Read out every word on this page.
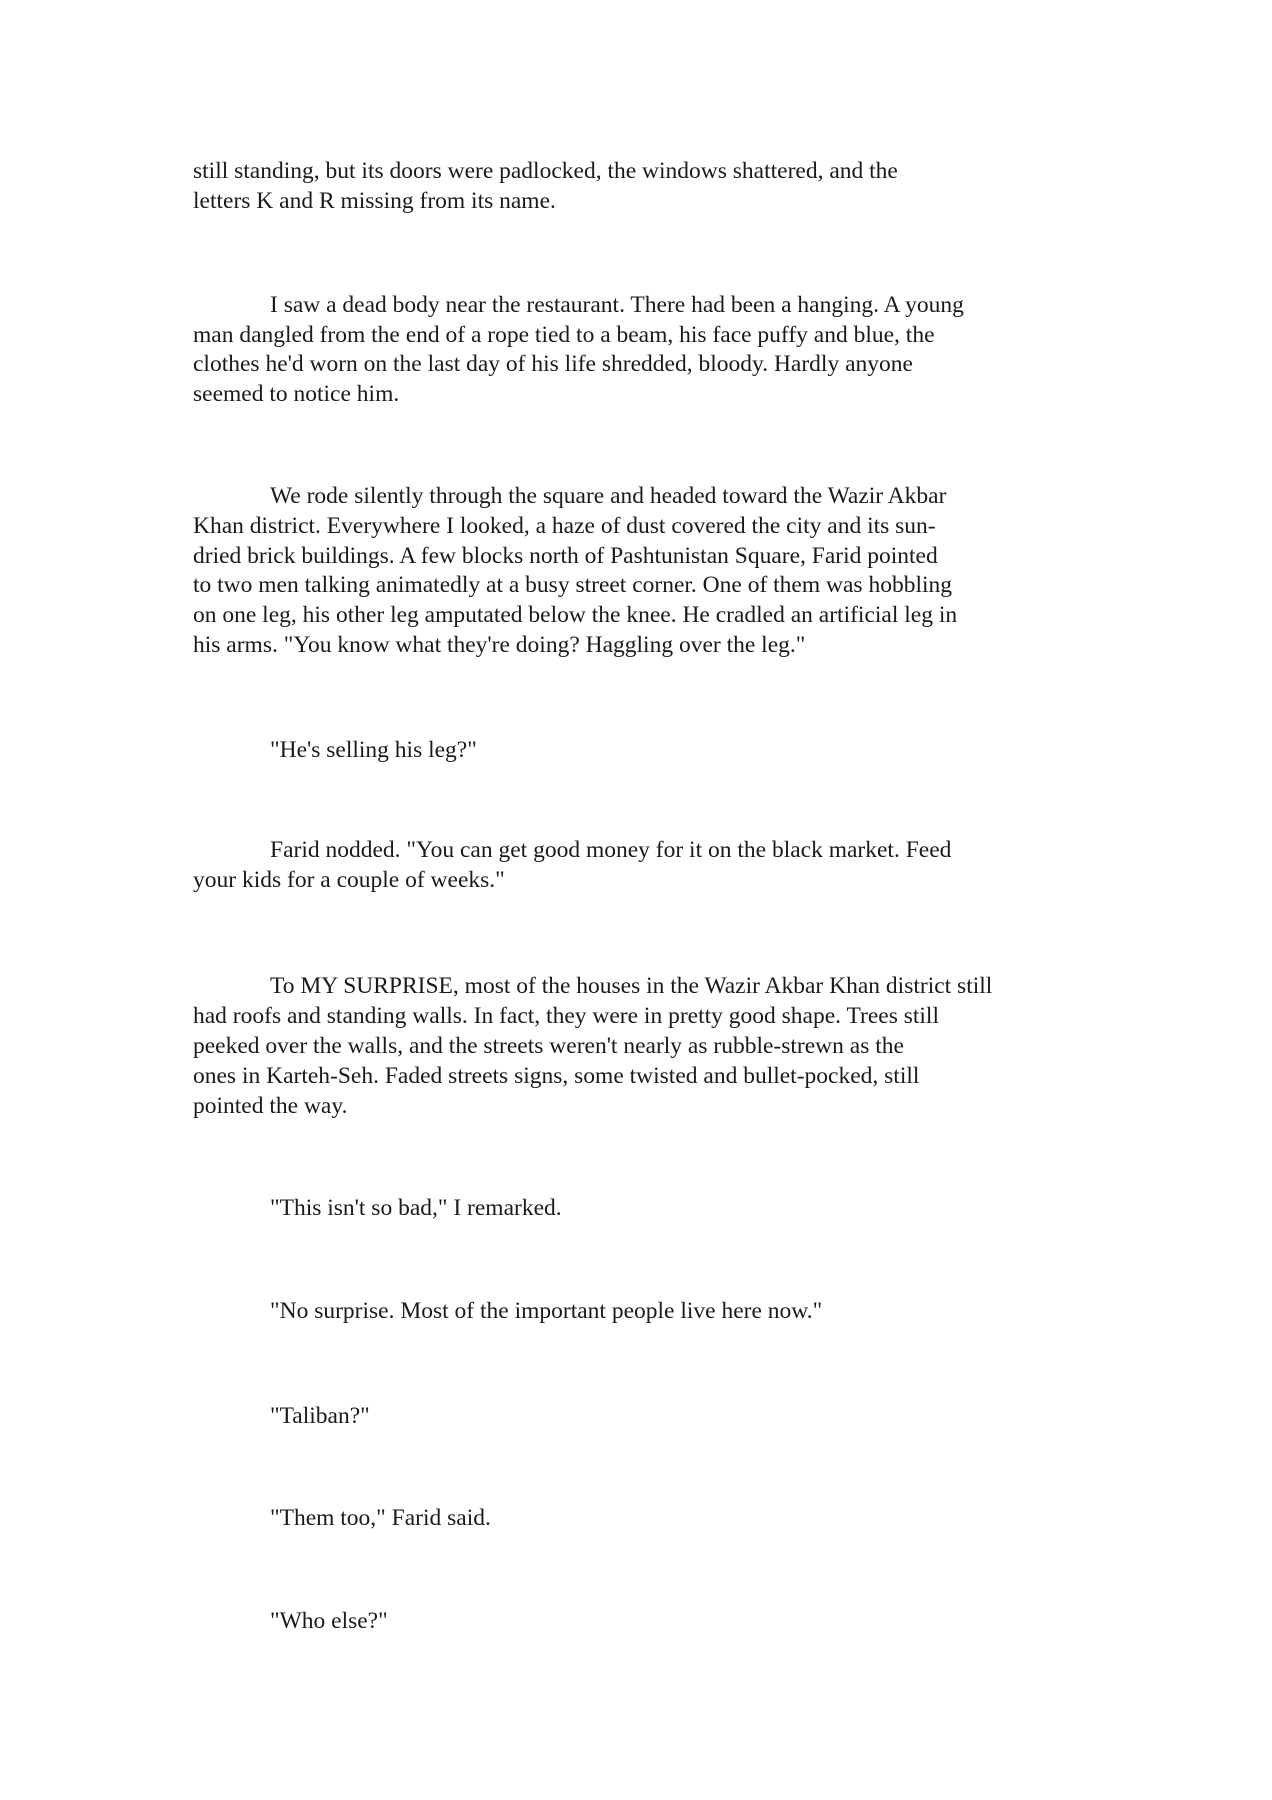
still standing, but its doors were padlocked, the windows shattered, and the
letters K and R missing from its name.
I saw a dead body near the restaurant. There had been a hanging. A young
man dangled from the end of a rope tied to a beam, his face puffy and blue, the
clothes he'd worn on the last day of his life shredded, bloody. Hardly anyone
seemed to notice him.
We rode silently through the square and headed toward the Wazir Akbar
Khan district. Everywhere I looked, a haze of dust covered the city and its sun-
dried brick buildings. A few blocks north of Pashtunistan Square, Farid pointed
to two men talking animatedly at a busy street corner. One of them was hobbling
on one leg, his other leg amputated below the knee. He cradled an artificial leg in
his arms. "You know what they're doing? Haggling over the leg."
"He's selling his leg?"
Farid nodded. "You can get good money for it on the black market. Feed
your kids for a couple of weeks."
To MY SURPRISE, most of the houses in the Wazir Akbar Khan district still
had roofs and standing walls. In fact, they were in pretty good shape. Trees still
peeked over the walls, and the streets weren't nearly as rubble-strewn as the
ones in Karteh-Seh. Faded streets signs, some twisted and bullet-pocked, still
pointed the way.
"This isn't so bad," I remarked.
"No surprise. Most of the important people live here now."
"Taliban?"
"Them too," Farid said.
"Who else?"
